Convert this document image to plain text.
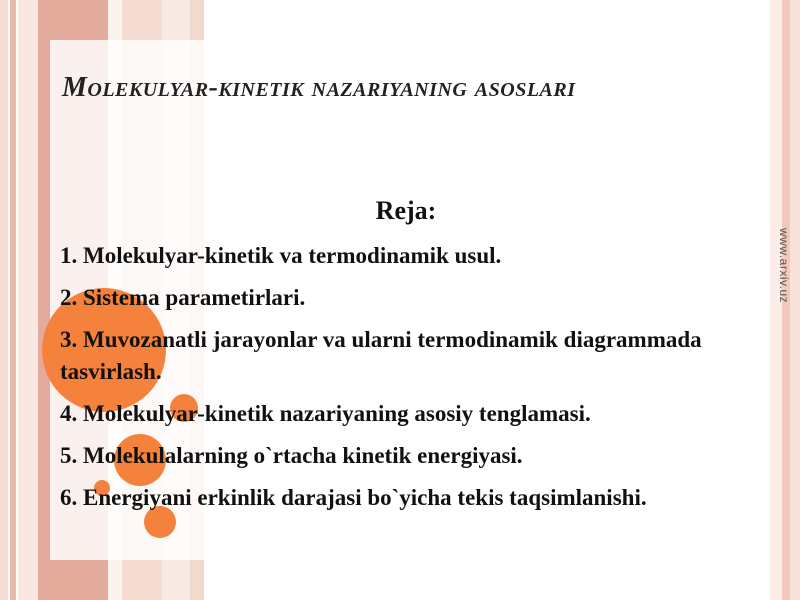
Molekulyar-kinetik nazariyaning asoslari

Reja:

1. Molekulyar-kinetik va termodinamik usul.
2. Sistema parametirlari.
3. Muvozanatli jarayonlar va ularni termodinamik diagrammada tasvirlash.
4. Molekulyar-kinetik nazariyaning asosiy tenglamasi.
5. Molekulalarning o`rtacha kinetik energiyasi.
6. Energiyani erkinlik darajasi bo`yicha tekis taqsimlanishi.
www.arxiv.uz
